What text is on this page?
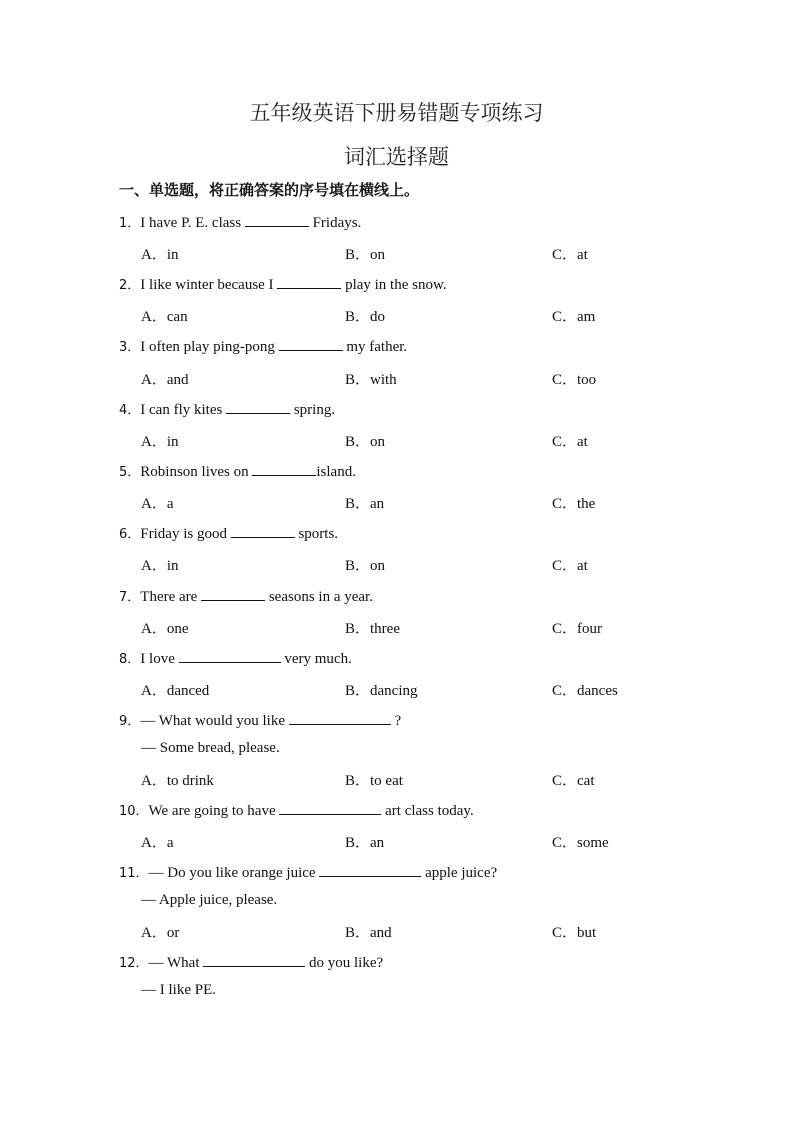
五年级英语下册易错题专项练习
词汇选择题
一、单选题，将正确答案的序号填在横线上。
1．I have P. E. class	Fridays.
A．in	B．on	C．at
2．I like winter because I	play in the snow.
A．can	B．do	C．am
3．I often play ping-pong	my father.
A．and	B．with	C．too
4．I can fly kites	spring.
A．in	B．on	C．at
5．Robinson lives on	island.
A．a	B．an	C．the
6．Friday is good	sports.
A．in	B．on	C．at
7．There are	seasons in a year.
A．one	B．three	C．four
8．I love	very much.
A．danced	B．dancing	C．dances
9．— What would you like	?
— Some bread, please.
A．to drink	B．to eat	C．cat
10．We are going to have	art class today.
A．a	B．an	C．some
11．— Do you like orange juice	apple juice?
— Apple juice, please.
A．or	B．and	C．but
12．— What	do you like?
— I like PE.
